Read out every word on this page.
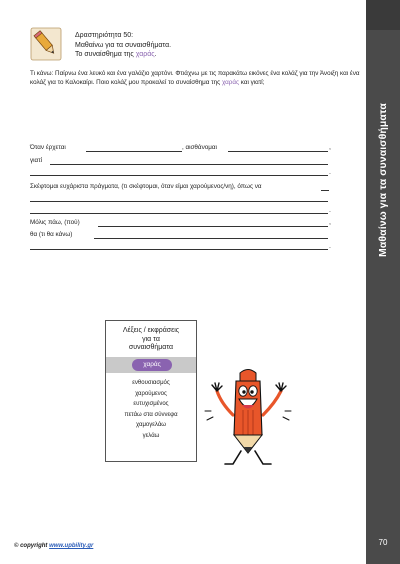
Μαθαίνω για τα συναισθήματα
70
Δραστηριότητα 50:
Μαθαίνω για τα συναισθήματα.
Το συναίσθημα της χαράς.
Τι κάνω: Παίρνω ένα λευκό και ένα γαλάζιο χαρτόνι. Φτιάχνω με τις παρακάτω εικόνες ένα κολάζ για την Άνοιξη και ένα κολάζ για το Καλοκαίρι. Ποιο κολάζ μου προκαλεί το συναίσθημα της χαράς και γιατί;
Όταν έρχεται	, αισθάνομαι	,
γιατί
.
Σκέφτομαι ευχάριστα πράγματα, (τι σκέφτομαι, όταν είμαι χαρούμενος/νη), όπως να
.
Μόλις πάω, (πού)	,
θα (τι θα κάνω)
.
Λέξεις / εκφράσεις
για τα
συναισθήματα
χαράς
ενθουσιασμός
χαρούμενος
ευτυχισμένος
πετάω στα σύννεφα
χαμογελάω
γελάω
© copyright www.upbility.gr
